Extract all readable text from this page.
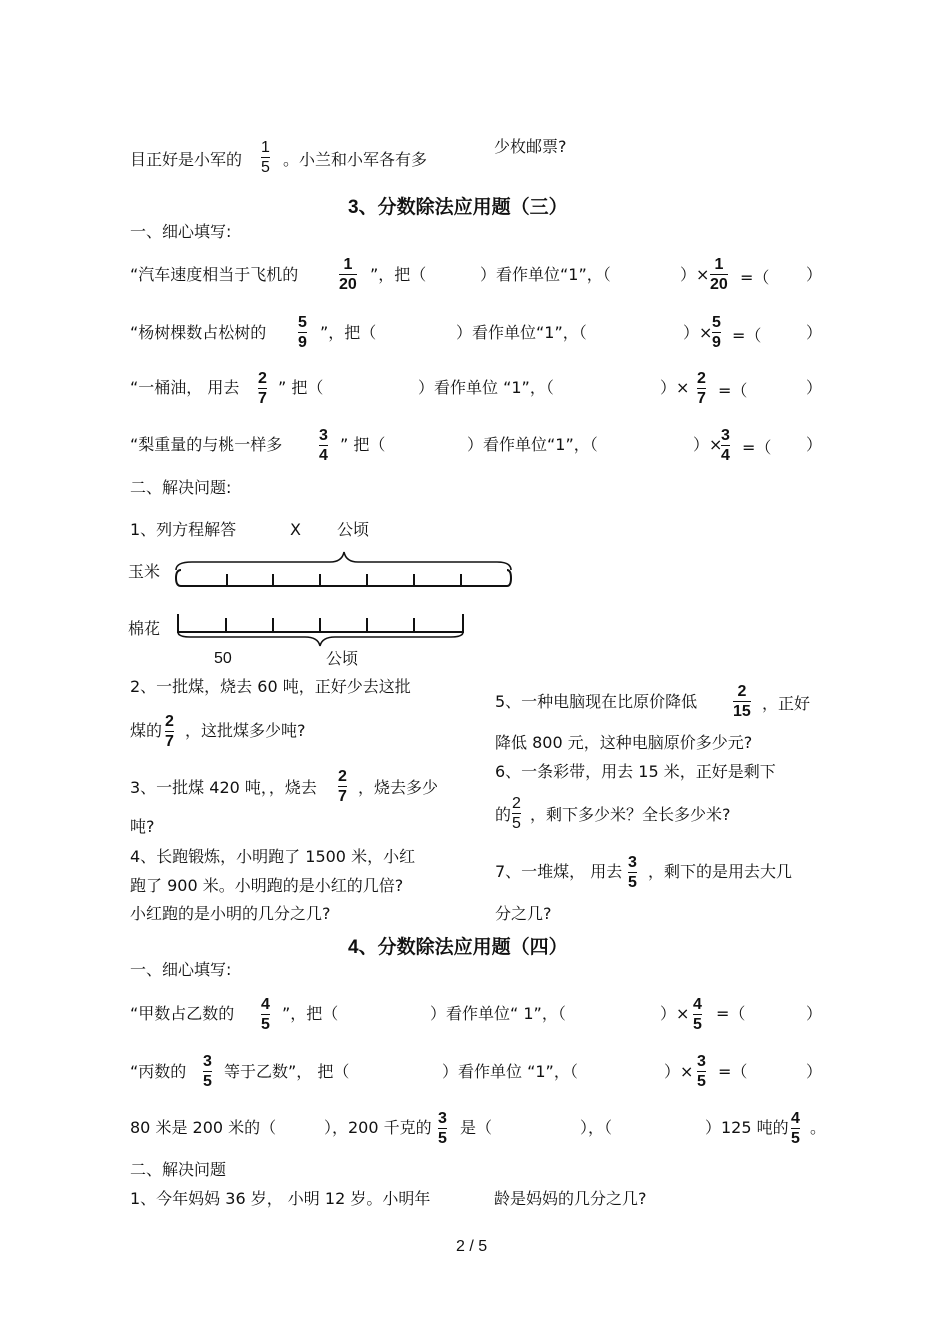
目正好是小军的
1
5 。小兰和小军各有多
少枚邮票?
3、分数除法应用题（三）
一、细心填写:
“汽车速度相当于飞机的
1
20
”，把（	）看作单位“1”，（	）×
1
20 =（ ）
“杨树棵数占松树的
5
9
”，把（	）看作单位“1”，（	）×
5
9 =（	）
“一桶油， 用去 2
7
” 把（	）看作单位 “1”，（	）× 2
7 =（	）
“梨重量的与桃一样多 3
4
” 把（	）看作单位“1”，（	）×
3
4 =（ ）
二、解决问题:
1、列方程解答	X 公顷
玉米
棉花
50	公顷
2、一批煤，烧去 60 吨，正好少去这批
煤的 2
7
，这批煤多少吨?
3、一批煤 420 吨，，烧去
2
7 ，烧去多少
吨?
4、长跑锻炼，小明跑了 1500 米，小红
跑了 900 米。小明跑的是小红的几倍?
小红跑的是小明的几分之几?
5、一种电脑现在比原价降低
2
15 ，正好
降低 800 元，这种电脑原价多少元?
6、一条彩带，用去 15 米，正好是剩下
的
2
5 ，剩下多少米？全长多少米?
7、一堆煤， 用去 3
5
，剩下的是用去大几
分之几?
4、分数除法应用题（四）
一、细心填写:
“甲数占乙数的 4
5
”，把（	）看作单位“ 1”，（	）× 4
5
=（	）
“丙数的
3
5
等于乙数”， 把（	）看作单位 “1”，（	）×
3
5
=（	）
80 米是 200 米的（	），200 千克的 3
5
是（	），（	）125 吨的 4
5
。
二、解决问题
1、今年妈妈 36 岁， 小明 12 岁。小明年	龄是妈妈的几分之几?
2 / 5
